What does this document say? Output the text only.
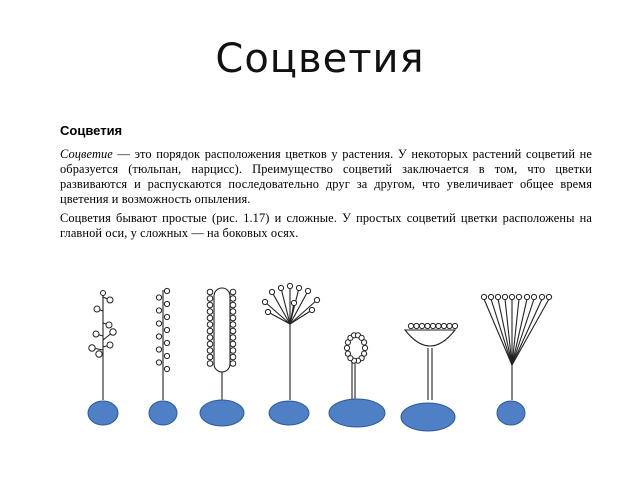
Соцветия
Соцветия

Соцветие — это порядок расположения цветков у растения. У некоторых растений соцветий не образуется (тюльпан, нарцисс). Преимущество соцветий заключается в том, что цветки развиваются и распускаются последовательно друг за другом, что увеличивает общее время цветения и возможность опыления.

Соцветия бывают простые (рис. 1.17) и сложные. У простых соцветий цветки расположены на главной оси, у сложных — на боковых осях.
